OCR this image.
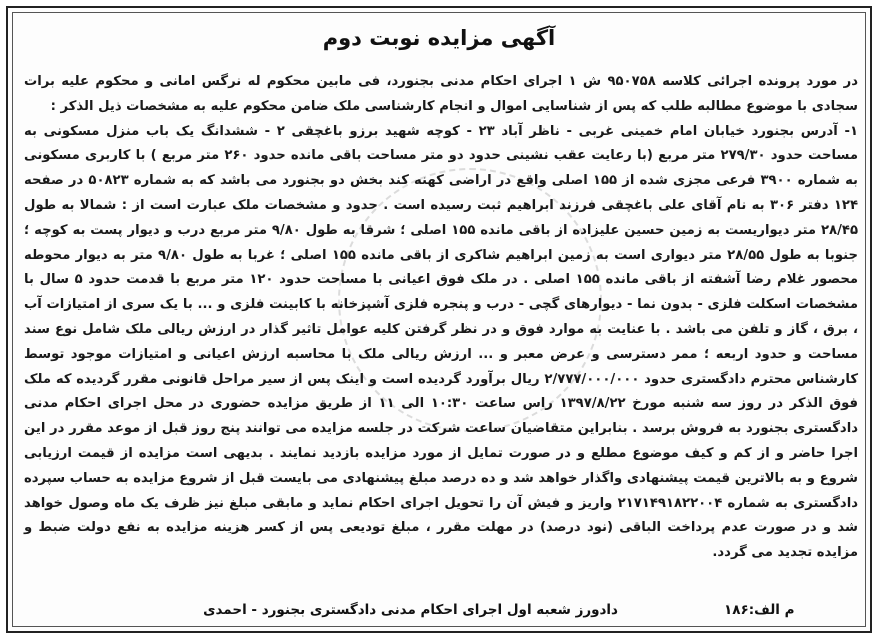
آگهی مزایده نوبت دوم

در مورد پرونده اجرائی کلاسه ۹۵۰۷۵۸ ش ۱ اجرای احکام مدنی بجنورد، فی مابین محکوم له نرگس امانی و محکوم علیه برات سجادی با موضوع مطالبه طلب که پس از شناسایی اموال و انجام کارشناسی ملک ضامن محکوم علیه به مشخصات ذیل الذکر :

۱- آدرس بجنورد خیابان امام خمینی غربی - ناظر آباد ۲۳ - کوچه شهید برزو باغچقی ۲ - ششدانگ یک باب منزل مسکونی به مساحت حدود ۲۷۹/۳۰ متر مربع (با رعایت عقب نشینی حدود دو متر مساحت باقی مانده حدود ۲۶۰ متر مربع ) با کاربری مسکونی به شماره ۳۹۰۰ فرعی مجزی شده از ۱۵۵ اصلی واقع در اراضی کهنه کند بخش دو بجنورد می باشد که به شماره ۵۰۸۲۳ در صفحه ۱۲۴ دفتر ۳۰۶ به نام آقای علی باغچقی فرزند ابراهیم ثبت رسیده است . حدود و مشخصات ملک عبارت است از : شمالا به طول ۲۸/۴۵ متر دیواریست به زمین حسین علیزاده از باقی مانده ۱۵۵ اصلی ؛ شرقا به طول ۹/۸۰ متر مربع درب و دیوار پست به کوچه ؛ جنوبا به طول ۲۸/۵۵ متر دیواری است به زمین ابراهیم شاکری از باقی مانده ۱۵۵ اصلی ؛ غربا به طول ۹/۸۰ متر به دیوار محوطه محصور غلام رضا آشفته از باقی مانده ۱۵۵ اصلی . در ملک فوق اعیانی با مساحت حدود ۱۲۰ متر مربع با قدمت حدود ۵ سال با مشخصات اسکلت فلزی - بدون نما - دیوارهای گچی - درب و پنجره فلزی آشپزخانه با کابینت فلزی و ... با یک سری از امتیازات آب ، برق ، گاز و تلفن می باشد . با عنایت به موارد فوق و در نظر گرفتن کلیه عوامل تاثیر گذار در ارزش ریالی ملک شامل نوع سند مساحت و حدود اربعه ؛ ممر دسترسی و عرض معبر و ... ارزش ریالی ملک با محاسبه ارزش اعیانی و امتیازات موجود توسط کارشناس محترم دادگستری حدود ۲/۷۷۷/۰۰۰/۰۰۰ ریال برآورد گردیده است و اینک پس از سیر مراحل قانونی مقرر گردیده که ملک فوق الذکر در روز سه شنبه مورخ ۱۳۹۷/۸/۲۲ راس ساعت ۱۰:۳۰ الی ۱۱ از طریق مزایده حضوری در محل اجرای احکام مدنی دادگستری بجنورد به فروش برسد . بنابراین متقاضیان ساعت شرکت در جلسه مزایده می توانند پنج روز قبل از موعد مقرر در این اجرا حاضر و از کم و کیف موضوع مطلع و در صورت تمایل از مورد مزایده بازدید نمایند . بدیهی است مزایده از قیمت ارزیابی شروع و به بالاترین قیمت پیشنهادی واگذار خواهد شد و ده درصد مبلغ پیشنهادی می بایست قبل از شروع مزایده به حساب سپرده دادگستری به شماره ۲۱۷۱۴۹۱۸۲۲۰۰۴ واریز و فیش آن را تحویل اجرای احکام نماید و مابقی مبلغ نیز ظرف یک ماه وصول خواهد شد و در صورت عدم پرداخت الباقی (نود درصد) در مهلت مقرر ، مبلغ تودیعی پس از کسر هزینه مزایده به نفع دولت ضبط و مزایده تجدید می گردد.

دادورز شعبه اول اجرای احکام مدنی دادگستری بجنورد - احمدی	م الف:۱۸۶
